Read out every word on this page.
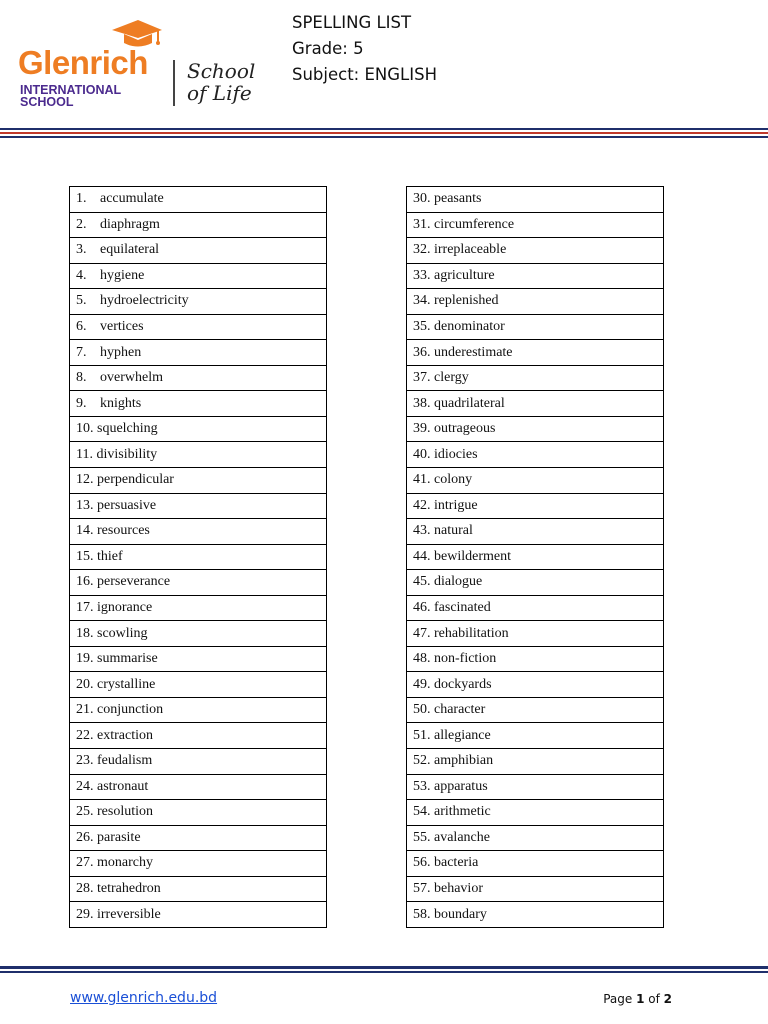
Glenrich
INTERNATIONAL SCHOOL
School of Life
SPELLING LIST
Grade: 5
Subject: ENGLISH
1. accumulate
2. diaphragm
3. equilateral
4. hygiene
5. hydroelectricity
6. vertices
7. hyphen
8. overwhelm
9. knights
10. squelching
11. divisibility
12. perpendicular
13. persuasive
14. resources
15. thief
16. perseverance
17. ignorance
18. scowling
19. summarise
20. crystalline
21. conjunction
22. extraction
23. feudalism
24. astronaut
25. resolution
26. parasite
27. monarchy
28. tetrahedron
29. irreversible
30. peasants
31. circumference
32. irreplaceable
33. agriculture
34. replenished
35. denominator
36. underestimate
37. clergy
38. quadrilateral
39. outrageous
40. idiocies
41. colony
42. intrigue
43. natural
44. bewilderment
45. dialogue
46. fascinated
47. rehabilitation
48. non-fiction
49. dockyards
50. character
51. allegiance
52. amphibian
53. apparatus
54. arithmetic
55. avalanche
56. bacteria
57. behavior
58. boundary
www.glenrich.edu.bd	Page 1 of 2
